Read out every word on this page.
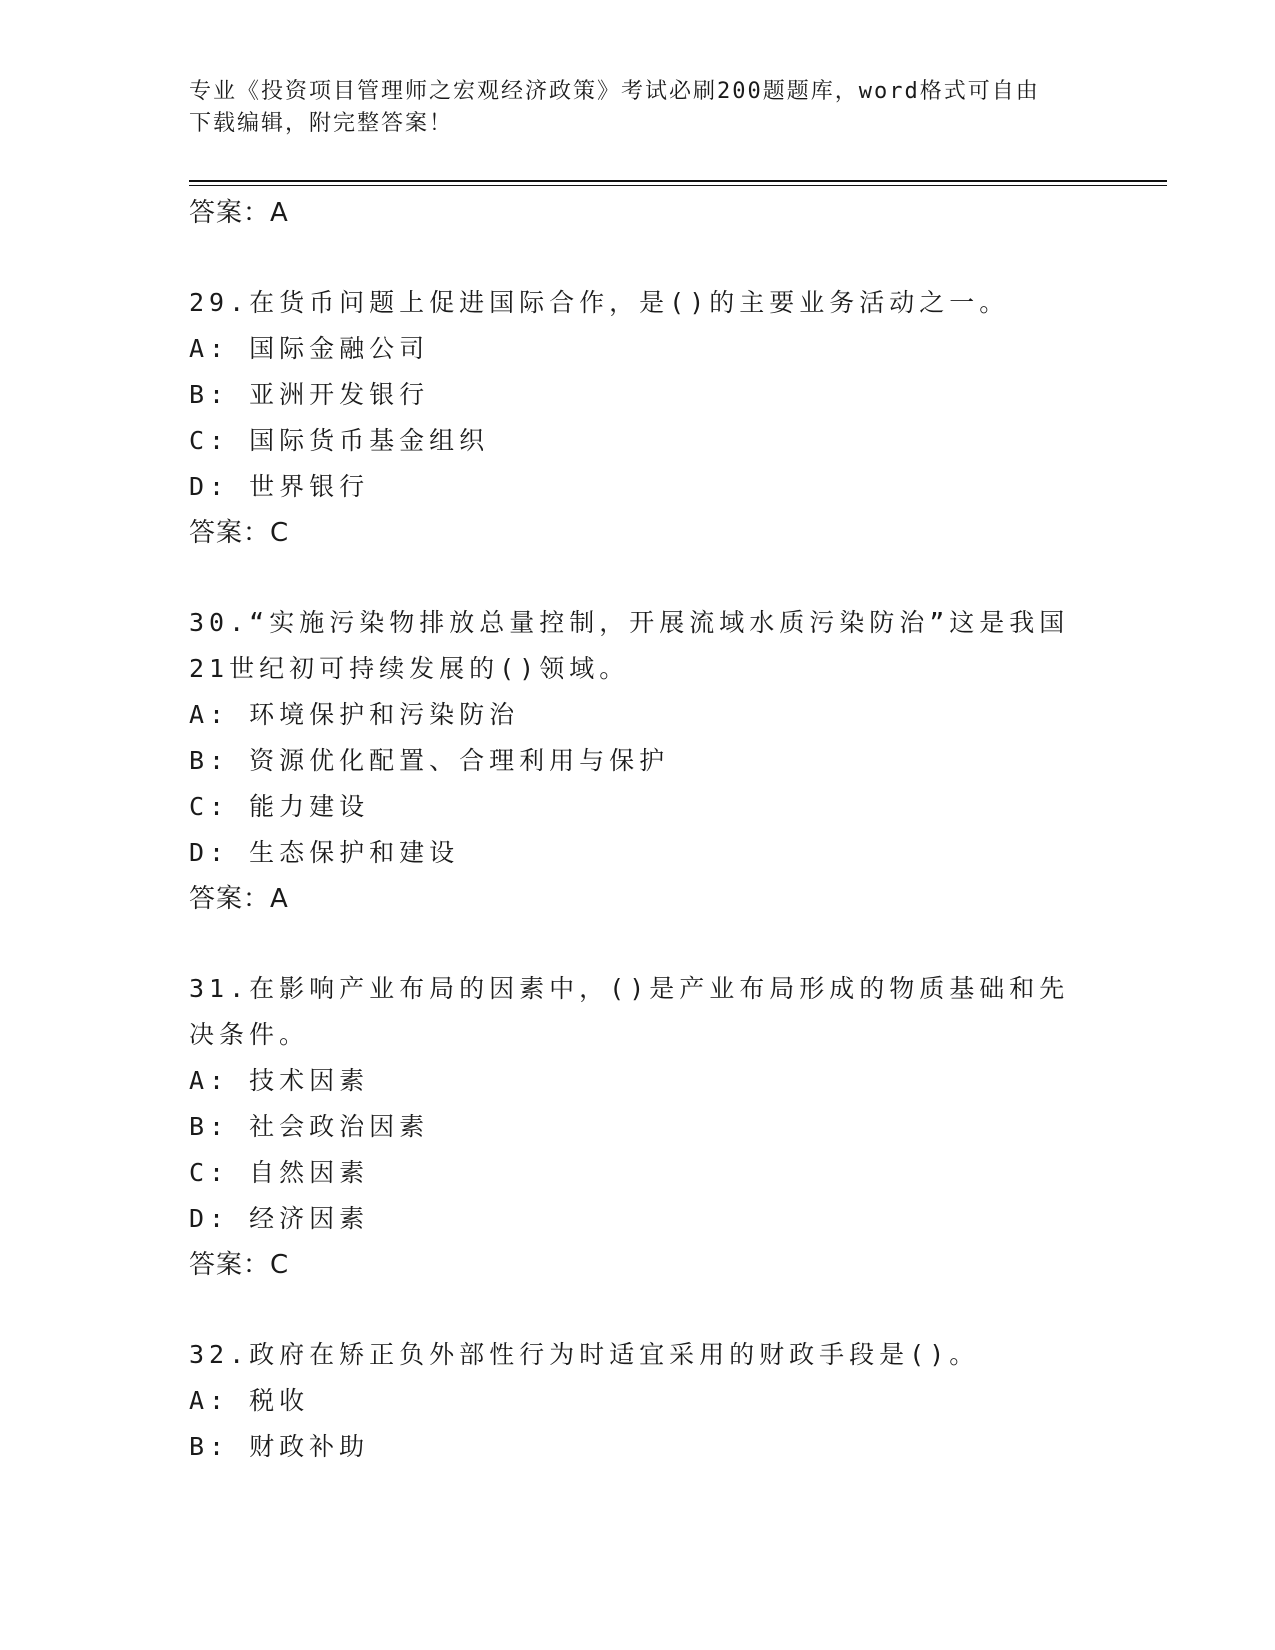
专业《投资项目管理师之宏观经济政策》考试必刷200题题库，word格式可自由
下载编辑，附完整答案！
答案：A
29.在货币问题上促进国际合作，是()的主要业务活动之一。
A: 国际金融公司
B: 亚洲开发银行
C: 国际货币基金组织
D: 世界银行
答案：C
30.“实施污染物排放总量控制，开展流域水质污染防治”这是我国21世纪初可持续发展的()领域。
A: 环境保护和污染防治
B: 资源优化配置、合理利用与保护
C: 能力建设
D: 生态保护和建设
答案：A
31.在影响产业布局的因素中，()是产业布局形成的物质基础和先决条件。
A: 技术因素
B: 社会政治因素
C: 自然因素
D: 经济因素
答案：C
32.政府在矫正负外部性行为时适宜采用的财政手段是()。
A: 税收
B: 财政补助
